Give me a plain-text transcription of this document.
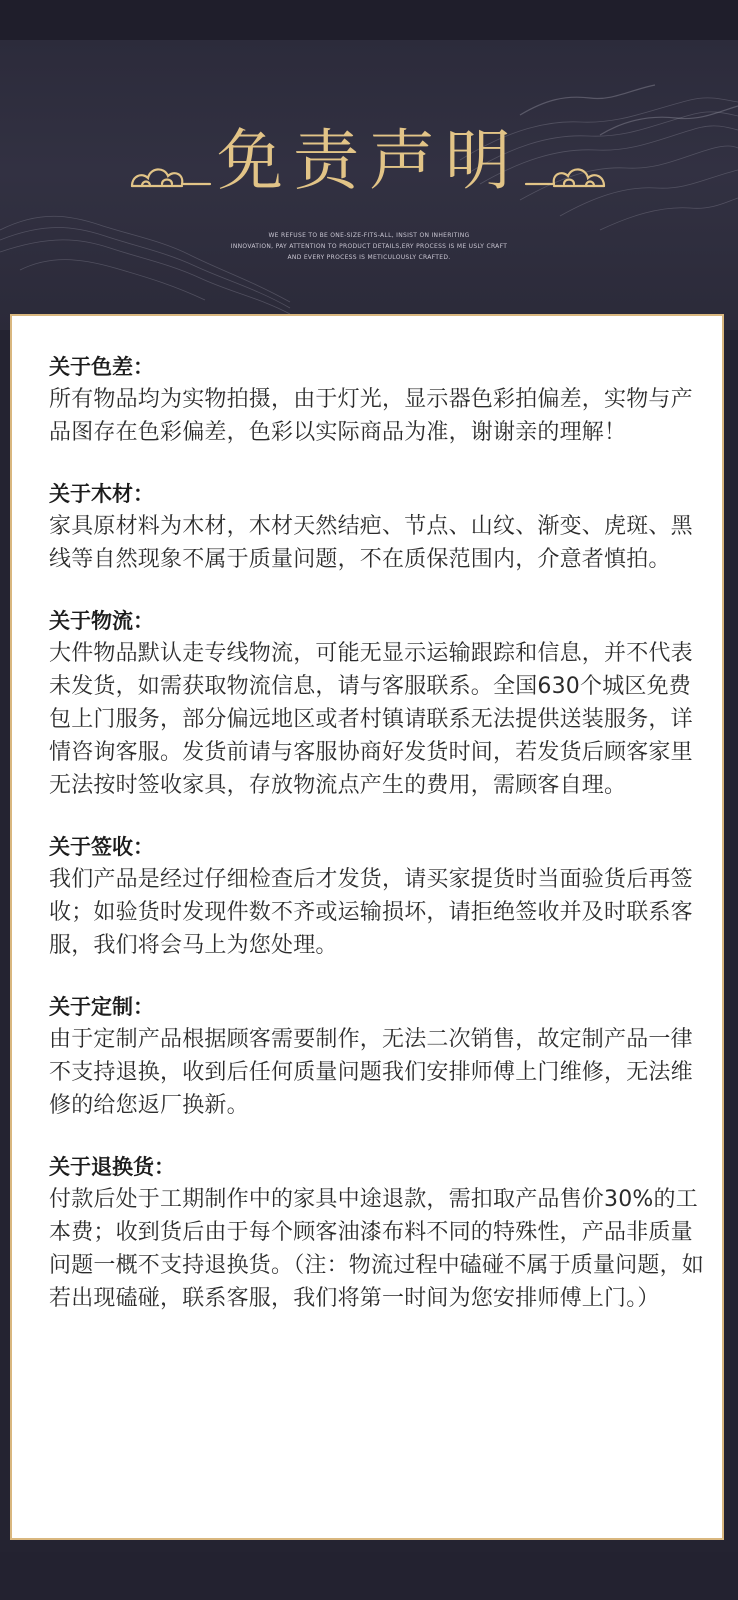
免责声明
WE REFUSE TO BE ONE-SIZE-FITS-ALL, INSIST ON INHERITING
INNOVATION, PAY ATTENTION TO PRODUCT DETAILS,ERY PROCESS IS ME USLY CRAFT
AND EVERY PROCESS IS METICULOUSLY CRAFTED.
关于色差：
所有物品均为实物拍摄，由于灯光，显示器色彩拍偏差，实物与产品图存在色彩偏差，色彩以实际商品为准，谢谢亲的理解！
关于木材：
家具原材料为木材，木材天然结疤、节点、山纹、渐变、虎斑、黑线等自然现象不属于质量问题，不在质保范围内，介意者慎拍。
关于物流：
大件物品默认走专线物流，可能无显示运输跟踪和信息，并不代表未发货，如需获取物流信息，请与客服联系。全国630个城区免费包上门服务，部分偏远地区或者村镇请联系无法提供送装服务，详情咨询客服。发货前请与客服协商好发货时间，若发货后顾客家里无法按时签收家具，存放物流点产生的费用，需顾客自理。
关于签收：
我们产品是经过仔细检查后才发货，请买家提货时当面验货后再签收；如验货时发现件数不齐或运输损坏，请拒绝签收并及时联系客服，我们将会马上为您处理。
关于定制：
由于定制产品根据顾客需要制作，无法二次销售，故定制产品一律不支持退换，收到后任何质量问题我们安排师傅上门维修，无法维修的给您返厂换新。
关于退换货：
付款后处于工期制作中的家具中途退款，需扣取产品售价30%的工本费；收到货后由于每个顾客油漆布料不同的特殊性，产品非质量问题一概不支持退换货。（注：物流过程中磕碰不属于质量问题，如若出现磕碰，联系客服，我们将第一时间为您安排师傅上门。）
